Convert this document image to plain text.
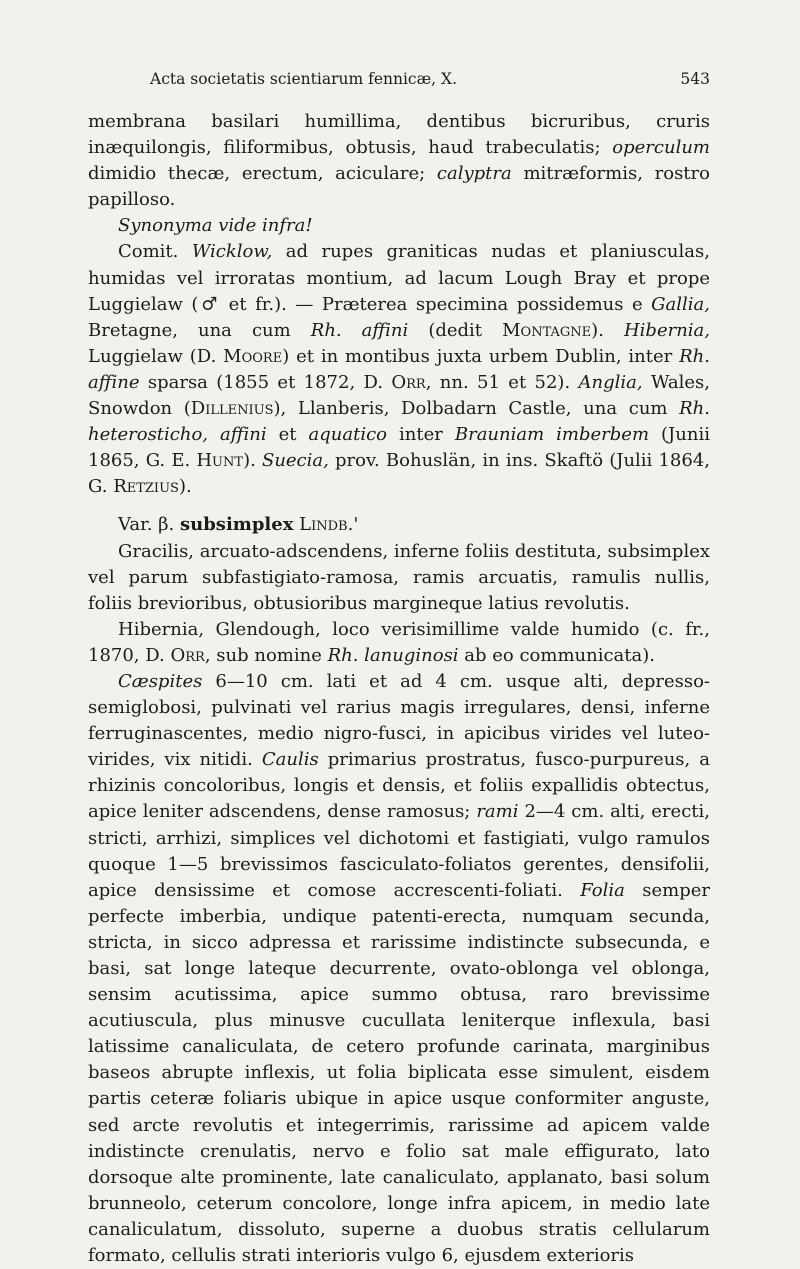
Acta societatis scientiarum fennicæ, X.	543

membrana basilari humillima, dentibus bicruribus, cruris inæquilongis, filiformibus, obtusis, haud trabeculatis; operculum dimidio thecæ, erectum, aciculare; calyptra mitræformis, rostro papilloso.

Synonyma vide infra!

Comit. Wicklow, ad rupes graniticas nudas et planiusculas, humidas vel irroratas montium, ad lacum Lough Bray et prope Luggielaw (♂ et fr.). — Præterea specimina possidemus e Gallia, Bretagne, una cum Rh. affini (dedit Montagne). Hibernia, Luggielaw (D. Moore) et in montibus juxta urbem Dublin, inter Rh. affine sparsa (1855 et 1872, D. Orr, nn. 51 et 52). Anglia, Wales, Snowdon (Dillenius), Llanberis, Dolbadarn Castle, una cum Rh. heterosticho, affini et aquatico inter Brauniam imberbem (Junii 1865, G. E. Hunt). Suecia, prov. Bohuslän, in ins. Skaftö (Julii 1864, G. Retzius).

Var. β. subsimplex Lindb.'

Gracilis, arcuato-adscendens, inferne foliis destituta, subsimplex vel parum subfastigiato-ramosa, ramis arcuatis, ramulis nullis, foliis brevioribus, obtusioribus margineque latius revolutis.

Hibernia, Glendough, loco verisimillime valde humido (c. fr., 1870, D. Orr, sub nomine Rh. lanuginosi ab eo communicata).

Cæspites 6—10 cm. lati et ad 4 cm. usque alti, depresso-semiglobosi, pulvinati vel rarius magis irregulares, densi, inferne ferruginascentes, medio nigro-fusci, in apicibus virides vel luteo-virides, vix nitidi. Caulis primarius prostratus, fusco-purpureus, a rhizinis concoloribus, longis et densis, et foliis expallidis obtectus, apice leniter adscendens, dense ramosus; rami 2—4 cm. alti, erecti, stricti, arrhizi, simplices vel dichotomi et fastigiati, vulgo ramulos quoque 1—5 brevissimos fasciculato-foliatos gerentes, densifolii, apice densissime et comose accrescenti-foliati. Folia semper perfecte imberbia, undique patenti-erecta, numquam secunda, stricta, in sicco adpressa et rarissime indistincte subsecunda, e basi, sat longe lateque decurrente, ovato-oblonga vel oblonga, sensim acutissima, apice summo obtusa, raro brevissime acutiuscula, plus minusve cucullata leniterque inflexula, basi latissime canaliculata, de cetero profunde carinata, marginibus baseos abrupte inflexis, ut folia biplicata esse simulent, eisdem partis ceteræ foliaris ubique in apice usque conformiter anguste, sed arcte revolutis et integerrimis, rarissime ad apicem valde indistincte crenulatis, nervo e folio sat male effigurato, lato dorsoque alte prominente, late canaliculato, applanato, basi solum brunneolo, ceterum concolore, longe infra apicem, in medio late canaliculatum, dissoluto, superne a duobus stratis cellularum formato, cellulis strati interioris vulgo 6, ejusdem exterioris
